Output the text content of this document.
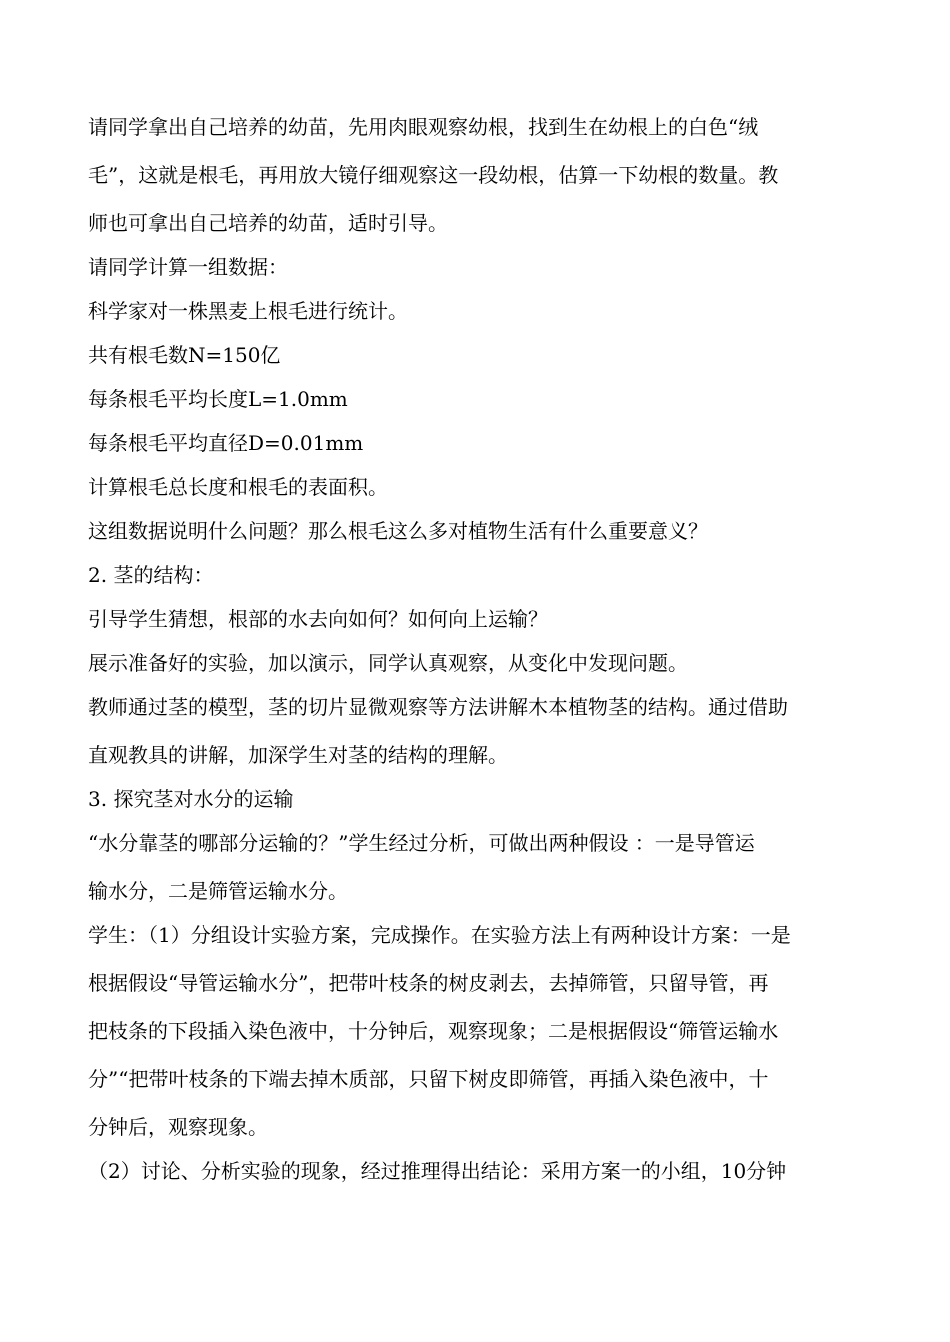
请同学拿出自己培养的幼苗，先用肉眼观察幼根，找到生在幼根上的白色“绒

毛”，这就是根毛，再用放大镜仔细观察这一段幼根，估算一下幼根的数量。教

师也可拿出自己培养的幼苗，适时引导。

请同学计算一组数据：

科学家对一株黑麦上根毛进行统计。

共有根毛数N=150亿

每条根毛平均长度L=1.0mm

每条根毛平均直径D=0.01mm

计算根毛总长度和根毛的表面积。

这组数据说明什么问题？那么根毛这么多对植物生活有什么重要意义？

2. 茎的结构：

引导学生猜想，根部的水去向如何？如何向上运输？

展示准备好的实验，加以演示，同学认真观察，从变化中发现问题。

教师通过茎的模型，茎的切片显微观察等方法讲解木本植物茎的结构。通过借助

直观教具的讲解，加深学生对茎的结构的理解。

3. 探究茎对水分的运输

“水分靠茎的哪部分运输的？”学生经过分析，可做出两种假设 ：一是导管运

输水分，二是筛管运输水分。

学生：（1）分组设计实验方案，完成操作。在实验方法上有两种设计方案：一是

根据假设“导管运输水分”，把带叶枝条的树皮剥去，去掉筛管，只留导管，再

把枝条的下段插入染色液中，十分钟后，观察现象；二是根据假设“筛管运输水

分”“把带叶枝条的下端去掉木质部，只留下树皮即筛管，再插入染色液中，十

分钟后，观察现象。

（2）讨论、分析实验的现象，经过推理得出结论：采用方案一的小组，10分钟
